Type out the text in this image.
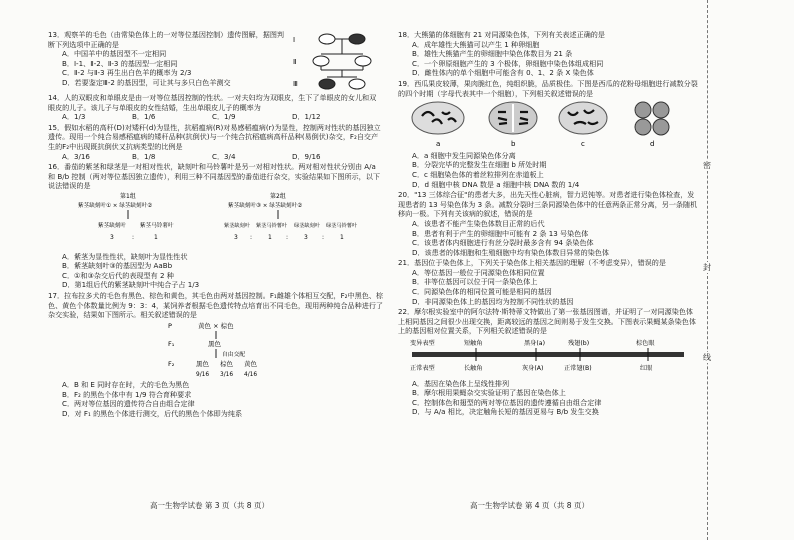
13．观察羊的毛色（由常染色体上的一对等位基因控制）遗传图解，据图判断下列选项中正确的是
A．中国羊中的基因型不一定相同
B．Ⅰ-1、Ⅱ-2、Ⅱ-3 的基因型一定相同
C．Ⅱ-2 与Ⅱ-3 再生出白色羊的概率为 2/3
D．若要鉴定Ⅲ-2 的基因型，可让其与多只白色羊测交
Ⅰ
Ⅱ
Ⅲ
14．人的双眼皮和单眼皮是由一对等位基因控制的性状。一对夫妇均为双眼皮，生下了单眼皮的女儿和双眼皮的儿子。该儿子与单眼皮的女性结婚，生出单眼皮儿子的概率为
A．1/3	B．1/6	C．1/9	D．1/12
15．假如水稻的高秆(D)对矮秆(d)为显性，抗稻瘟病(R)对易感稻瘟病(r)为显性，控制两对性状的基因独立遗传。现用一个纯合易感稻瘟病的矮秆品种(抗倒伏)与一个纯合抗稻瘟病高秆品种(易倒伏)杂交，F₂自交产生的F₂中出现既抗倒伏又抗病类型的比例是
A．3/16	B．1/8	C．3/4	D．9/16
16．番茄的紫茎和绿茎是一对相对性状，缺刻叶和马铃薯叶是另一对相对性状。两对相对性状分别由 A/a 和 B/b 控制（两对等位基因独立遗传），利用三种不同基因型的番茄进行杂交，实验结果如下图所示，以下说法错误的是
第1组	第2组
紫茎缺刻叶① × 绿茎缺刻叶②	紫茎缺刻叶③ × 绿茎缺刻叶②
紫茎缺刻叶	紫茎马铃薯叶
3	:	1
紫茎缺刻叶 紫茎马铃薯叶 绿茎缺刻叶 绿茎马铃薯叶
3 :	1 :	3 :	1
A．紫茎为显性性状，缺刻叶为显性性状
B．紫茎缺刻叶③的基因型为 AaBb
C．①和③杂交后代的表现型有 2 种
D．第1组后代的紫茎缺刻叶中纯合子占 1/3
17．拉布拉多犬的毛色有黑色、棕色和黄色，其毛色由两对基因控制。F₁雌雄个体相互交配，F₂中黑色、棕色、黄色个体数量比例为 9：3：4，某饲养者根据毛色遗传特点培育出不同毛色，现用两种纯合品种进行了杂交实验，结果如下图所示。相关叙述错误的是
P	黄色 × 棕色
F₁	黑色
自由交配
F₂	黑色 棕色 黄色
9/16 3/16 4/16
A．B 和 E 同时存在时，犬的毛色为黑色
B．F₂ 的黑色个体中有 1/9 符合育种要求
C．两对等位基因的遗传符合自由组合定律
D．对 F₁ 的黑色个体进行测交，后代的黑色个体即为纯系
高一生物学试卷 第 3 页（共 8 页）
18．大熊猫的体细胞有 21 对同源染色体，下列有关表述正确的是
A．成年雄性大熊猫可以产生 1 种卵细胞
B．雄性大熊猫产生的卵细胞中染色体数目为 21 条
C．一个卵原细胞产生的 3 个极体，卵细胞中染色体组成相同
D．雌性体内的单个细胞中可能含有 0、1、2 条 X 染色体
19．西瓜果皮较薄，果肉脆红色，纯组织脆，品质极佳。下图是西瓜的花粉母细胞进行减数分裂的四个时期（字母代表其中一个细胞），下列相关叙述错误的是
a	b	c	d
A．a 细胞中发生同源染色体分离
B．分裂完毕的完整发生在细胞 b 所处时期
C．c 细胞染色体的着丝粒排列在赤道板上
D．d 细胞中核 DNA 数是 a 细胞中核 DNA 数的 1/4
20．"13 三体综合征"的患者大多，出先天性心脏病，智力迟钝等。对患者进行染色体检查，发现患者的 13 号染色体为 3 条。减数分裂时三条同源染色体中的任意两条正常分离，另一条随机移向一极。下列有关该病的叙述，错误的是
A．该患者不能产生染色体数目正常的后代
B．患者有利于产生的卵细胞中可能有 2 条 13 号染色体
C．该患者体内细胞进行有丝分裂时最多含有 94 条染色体
D．该患者的体细胞和生殖细胞中均有染色体数目异常的染色体
21．基因位于染色体上，下列关于染色体上相关基因的理解（不考虑变异），错误的是
A．等位基因一般位于同源染色体相同位置
B．非等位基因可以位于同一条染色体上
C．同源染色体的相同位置可能是相同的基因
D．非同源染色体上的基因均为控制不同性状的基因
22．摩尔根实验室中的阿尔法特·斯特蒂文特做出了第一张基因图谱，并证明了一对同源染色体上相同基因之间很少出现交换，距离较远的基因之间则易于发生交换。下图表示果蝇某条染色体上的基因相对位置关系，下列相关叙述错误的是
变异表型	短触角	黑身(a)	残翅(b)	棕色眼
正常表型	长触角	灰身(A)	正常翅(B)	红眼
A．基因在染色体上呈线性排列
B．摩尔根用果蝇杂交实验证明了基因在染色体上
C．控制体色和翅型的两对等位基因的遗传遵循自由组合定律
D．与 A/a 相比，决定触角长短的基因更易与 B/b 发生交换
高一生物学试卷 第 4 页（共 8 页）
密
封
线
